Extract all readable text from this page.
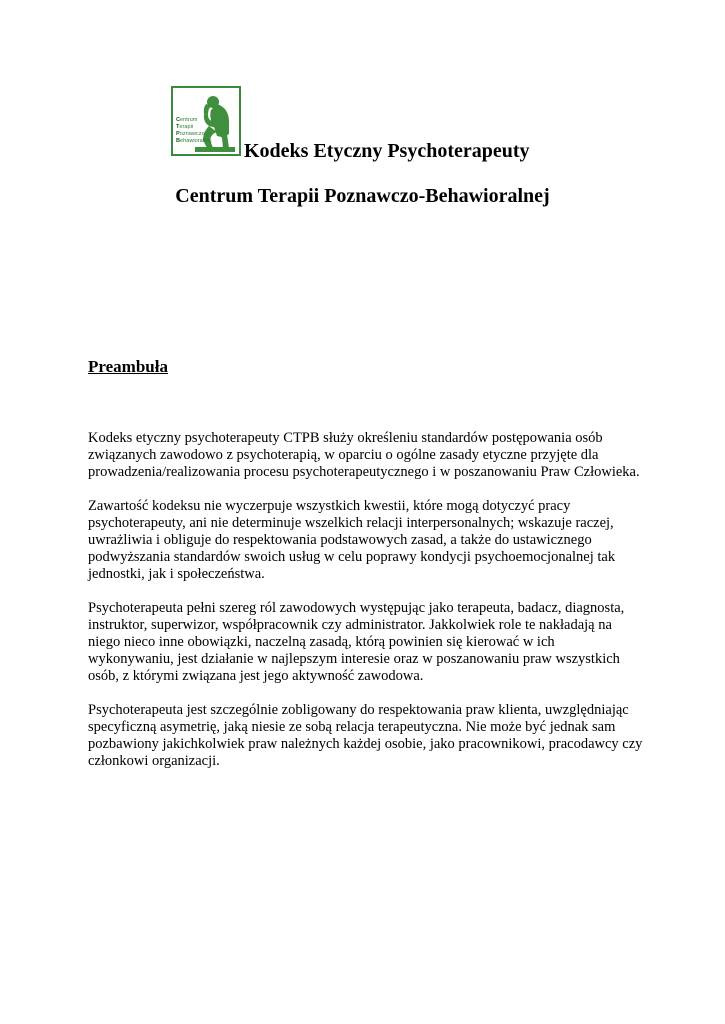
Centrum
Terapii
Poznawczo
Behawioralnej Kodeks Etyczny Psychoterapeuty
Centrum Terapii Poznawczo-Behawioralnej
Preambuła

Kodeks etyczny psychoterapeuty CTPB służy określeniu standardów postępowania osób związanych zawodowo z psychoterapią, w oparciu o ogólne zasady etyczne przyjęte dla prowadzenia/realizowania procesu psychoterapeutycznego i w poszanowaniu Praw Człowieka.

Zawartość kodeksu nie wyczerpuje wszystkich kwestii, które mogą dotyczyć pracy psychoterapeuty, ani nie determinuje wszelkich relacji interpersonalnych; wskazuje raczej, uwrażliwia i obliguje do respektowania podstawowych zasad, a także do ustawicznego podwyższania standardów swoich usług w celu poprawy kondycji psychoemocjonalnej tak jednostki, jak i społeczeństwa.

Psychoterapeuta pełni szereg ról zawodowych występując jako terapeuta, badacz, diagnosta, instruktor, superwizor, współpracownik czy administrator. Jakkolwiek role te nakładają na niego nieco inne obowiązki, naczelną zasadą, którą powinien się kierować w ich wykonywaniu, jest działanie w najlepszym interesie oraz w poszanowaniu praw wszystkich osób, z którymi związana jest jego aktywność zawodowa.

Psychoterapeuta jest szczególnie zobligowany do respektowania praw klienta, uwzględniając specyficzną asymetrię, jaką niesie ze sobą relacja terapeutyczna. Nie może być jednak sam pozbawiony jakichkolwiek praw należnych każdej osobie, jako pracownikowi, pracodawcy czy członkowi organizacji.
